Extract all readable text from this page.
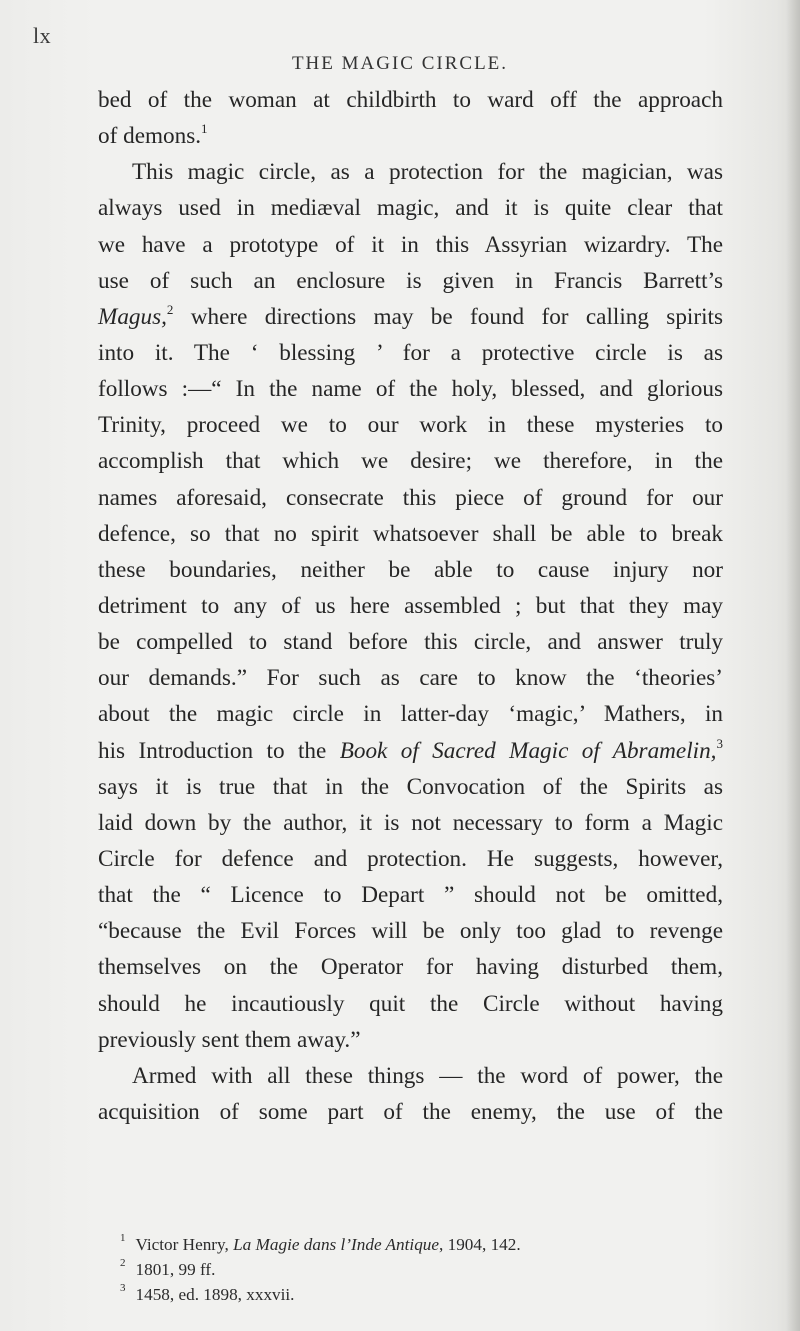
lx
THE MAGIC CIRCLE.
bed of the woman at childbirth to ward off the approach
of demons.$^1$
This magic circle, as a protection for the magician, was
always used in mediæval magic, and it is quite clear that
we have a prototype of it in this Assyrian wizardry. The
use of such an enclosure is given in Francis Barrett’s
Magus,$^2$ where directions may be found for calling spirits
into it. The ‘ blessing ’ for a protective circle is as
follows :—“ In the name of the holy, blessed, and glorious
Trinity, proceed we to our work in these mysteries to
accomplish that which we desire; we therefore, in the
names aforesaid, consecrate this piece of ground for our
defence, so that no spirit whatsoever shall be able to break
these boundaries, neither be able to cause injury nor
detriment to any of us here assembled ; but that they may
be compelled to stand before this circle, and answer truly
our demands.” For such as care to know the ‘theories’
about the magic circle in latter-day ‘magic,’ Mathers, in
his Introduction to the Book of Sacred Magic of Abramelin,$^3$
says it is true that in the Convocation of the Spirits as
laid down by the author, it is not necessary to form a Magic
Circle for defence and protection. He suggests, however,
that the “ Licence to Depart ” should not be omitted,
“because the Evil Forces will be only too glad to revenge
themselves on the Operator for having disturbed them,
should he incautiously quit the Circle without having
previously sent them away.”
Armed with all these things — the word of power, the
acquisition of some part of the enemy, the use of the
$^1$ Victor Henry, La Magie dans l’Inde Antique, 1904, 142.
$^2$ 1801, 99 ff.
$^3$ 1458, ed. 1898, xxxvii.
